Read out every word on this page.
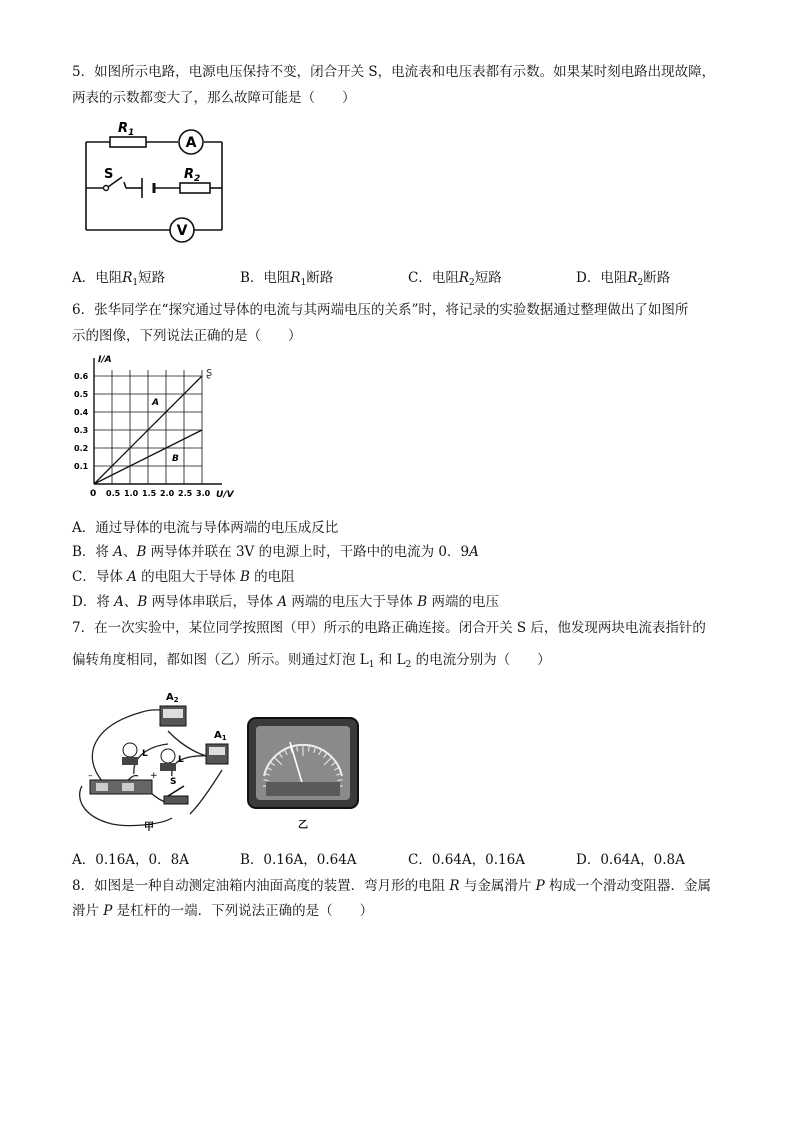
5．如图所示电路，电源电压保持不变，闭合开关 S，电流表和电压表都有示数。如果某时刻电路出现故障，
两表的示数都变大了，那么故障可能是（　　）
A
S
V
$R_1$
$R_2$
A．电阻$R_1$短路	B．电阻$R_1$断路	C．电阻$R_2$短路	D．电阻$R_2$断路
6．张华同学在“探究通过导体的电流与其两端电压的关系”时，将记录的实验数据通过整理做出了如图所
示的图像，下列说法正确的是（　　）
I/A
U/V
0
A
B
0.6
0.5
0.4
0.3
0.2
0.1
0.5 1.0 1.5 2.0 2.5 3.0
ʂ
A．通过导体的电流与导体两端的电压成反比
B．将 A、B 两导体并联在 3V 的电源上时，干路中的电流为 0．9A
C．导体 A 的电阻大于导体 B 的电阻
D．将 A、B 两导体串联后，导体 A 两端的电压大于导体 B 两端的电压
7．在一次实验中，某位同学按照图（甲）所示的电路正确连接。闭合开关 S 后，他发现两块电流表指针的
偏转角度相同，都如图（乙）所示。则通过灯泡 $L_1$ 和 $L_2$ 的电流分别为（　　）
$A_2$
$A_1$
L
L
–	+
S
甲	乙
A．0.16A，0．8A	B．0.16A，0.64A	C．0.64A，0.16A	D．0.64A，0.8A
8．如图是一种自动测定油箱内油面高度的装置．弯月形的电阻 R 与金属滑片 P 构成一个滑动变阻器．金属
滑片 P 是杠杆的一端．下列说法正确的是（　　）
